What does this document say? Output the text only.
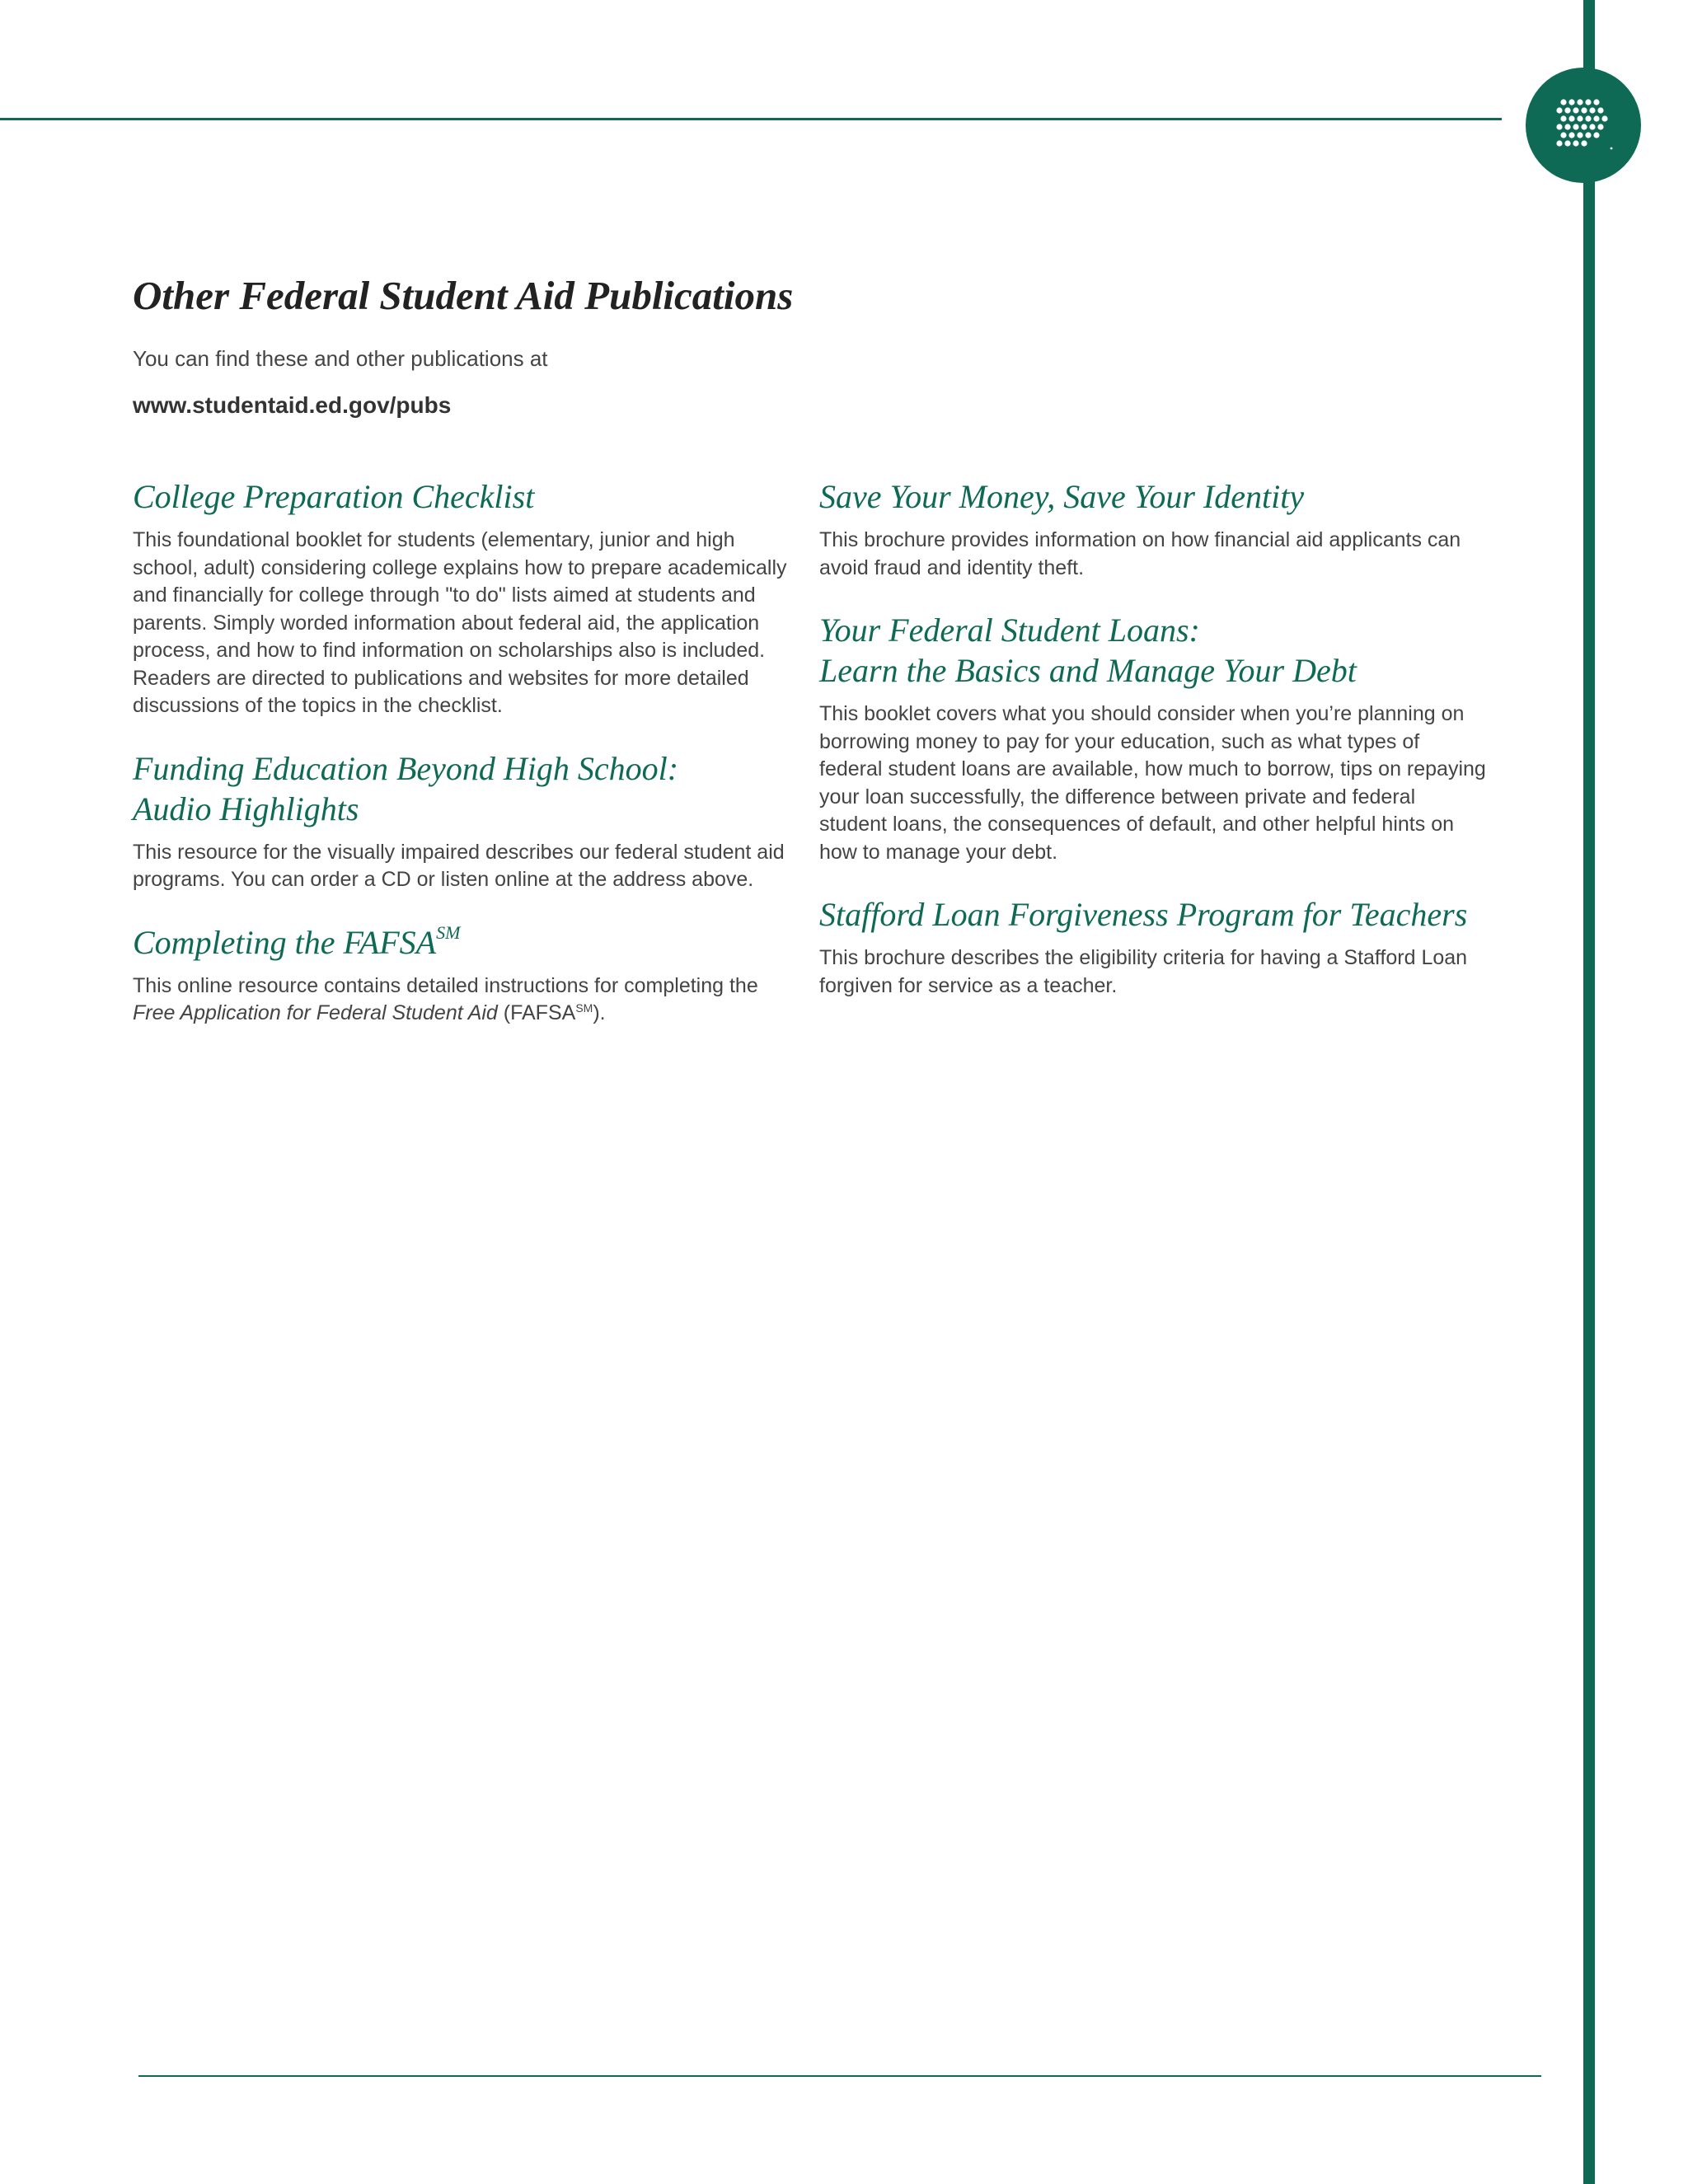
Other Federal Student Aid Publications

You can find these and other publications at

www.studentaid.ed.gov/pubs

College Preparation Checklist

This foundational booklet for students (elementary, junior and high school, adult) considering college explains how to prepare academically and financially for college through "to do" lists aimed at students and parents. Simply worded information about federal aid, the application process, and how to find information on scholarships also is included. Readers are directed to publications and websites for more detailed discussions of the topics in the checklist.

Funding Education Beyond High School:
Audio Highlights

This resource for the visually impaired describes our federal student aid programs. You can order a CD or listen online at the address above.

Completing the FAFSA℠

This online resource contains detailed instructions for completing the Free Application for Federal Student Aid (FAFSA℠).

Save Your Money, Save Your Identity

This brochure provides information on how financial aid applicants can avoid fraud and identity theft.

Your Federal Student Loans:
Learn the Basics and Manage Your Debt

This booklet covers what you should consider when you’re planning on borrowing money to pay for your education, such as what types of federal student loans are available, how much to borrow, tips on repaying your loan successfully, the difference between private and federal student loans, the consequences of default, and other helpful hints on how to manage your debt.

Stafford Loan Forgiveness Program for Teachers

This brochure describes the eligibility criteria for having a Stafford Loan forgiven for service as a teacher.
